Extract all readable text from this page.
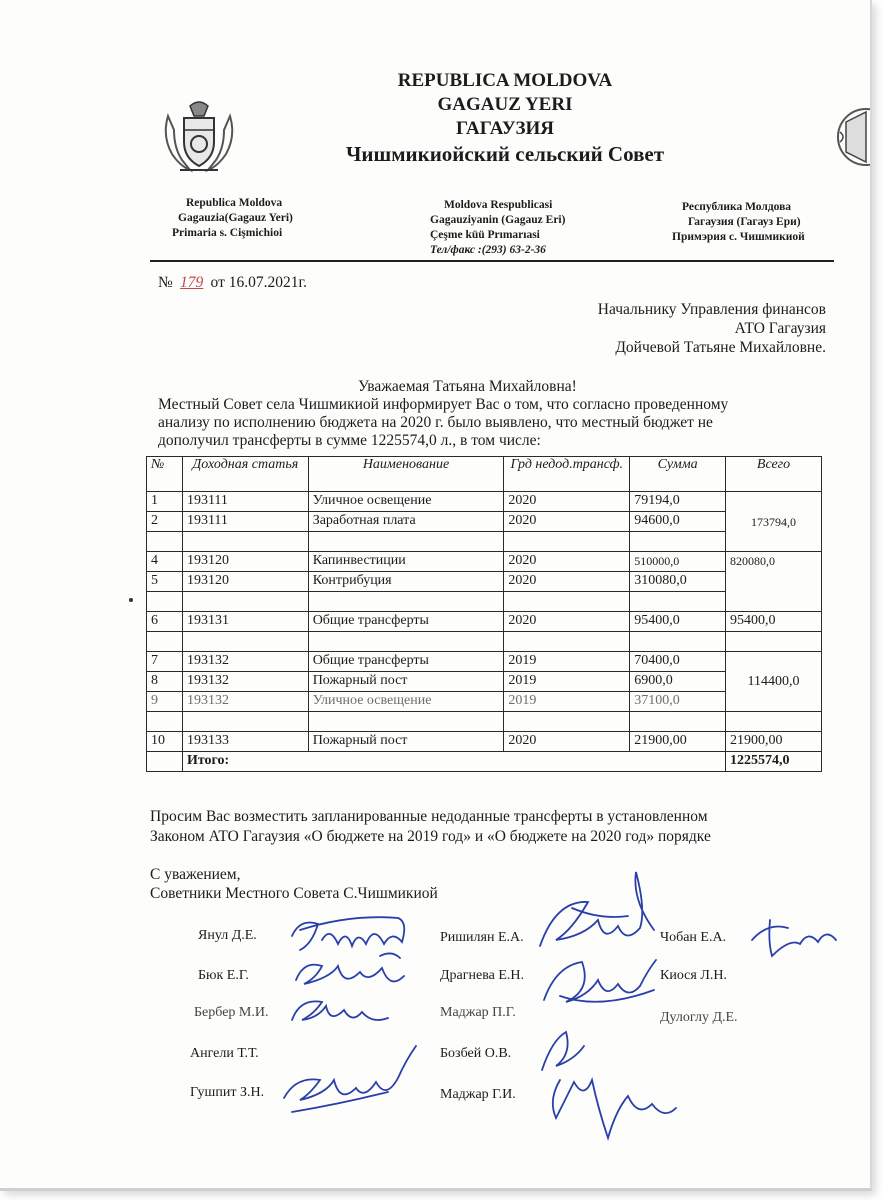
REPUBLICA MOLDOVA
GAGAUZ YERI
ГАГАУЗИЯ
Чишмикиойский сельский Совет
Republica Moldova
Gagauzia(Gagauz Yeri)
Primaria s. Cişmichioi
Moldova Respublicasi
Gagauziyanin (Gagauz Eri)
Çeşme küü Prımarıasi
Тел/факс :(293) 63-2-36
Республика Молдова
Гагаузия (Гагауз Ери)
Примэрия с. Чишмикиой
№ 179 от 16.07.2021г.
Начальнику Управления финансов
АТО Гагаузия
Дойчевой Татьяне Михайловне.
Уважаемая Татьяна Михайловна!
Местный Совет села Чишмикиой информирует Вас о том, что согласно проведенному
анализу по исполнению бюджета на 2020 г. было выявлено, что местный бюджет не
дополучил трансферты в сумме 1225574,0 л., в том числе:
№	Доходная статья	Наименование	Грд недод.трансф.	Сумма	Всего
1	193111	Уличное освещение	2020	79194,0	173794,0
2	193111	Заработная плата	2020	94600,0	

4	193120	Капинвестиции	2020	510000,0	820080,0
5	193120	Контрибуция	2020	310080,0	

6	193131	Общие трансферты	2020	95400,0	95400,0

7	193132	Общие трансферты	2019	70400,0	114400,0
8	193132	Пожарный пост	2019	6900,0	
9	193132	Уличное освещение	2019	37100,0	

10	193133	Пожарный пост	2020	21900,00	21900,00
	Итого:				1225574,0
Просим Вас возместить запланированные недоданные трансферты в установленном
Законом АТО Гагаузия «О бюджете на 2019 год» и «О бюджете на 2020 год» порядке
С уважением,
Советники Местного Совета С.Чишмикиой
Янул Д.Е.
Бюк Е.Г.
Бербер М.И.
Ангели Т.Т.
Гушпит З.Н.
Ришилян Е.А.
Драгнева Е.Н.
Маджар П.Г.
Бозбей О.В.
Маджар Г.И.
Чобан Е.А.
Киося Л.Н.
Дулоглу Д.Е.
